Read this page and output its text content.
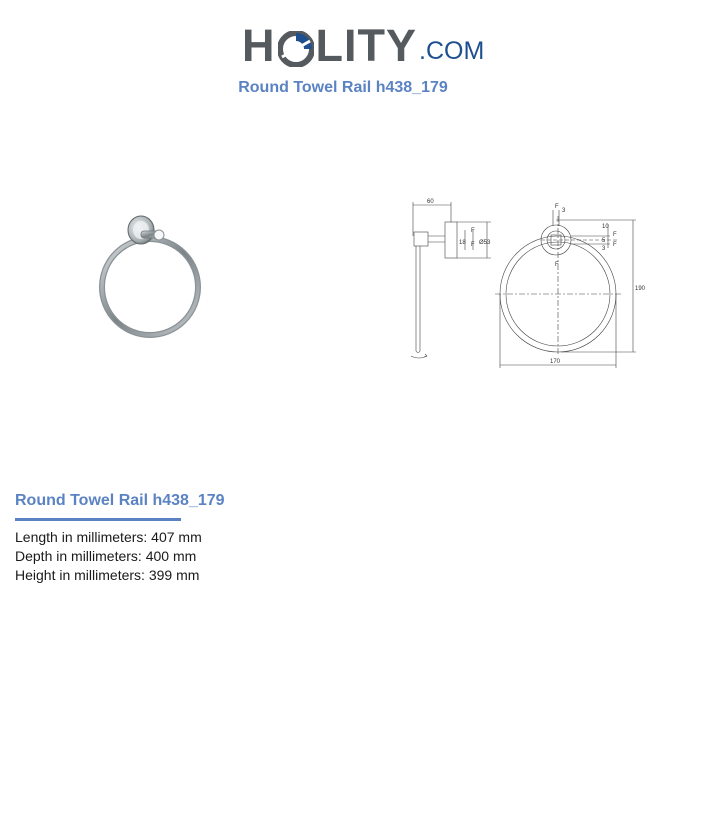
H LITY .COM
Round Towel Rail h438_179
60
18
F
F Ø53
F
3
F
10
F
5
F
3
190
170
Round Towel Rail h438_179
Length in millimeters: 407 mm
Depth in millimeters: 400 mm
Height in millimeters: 399 mm
